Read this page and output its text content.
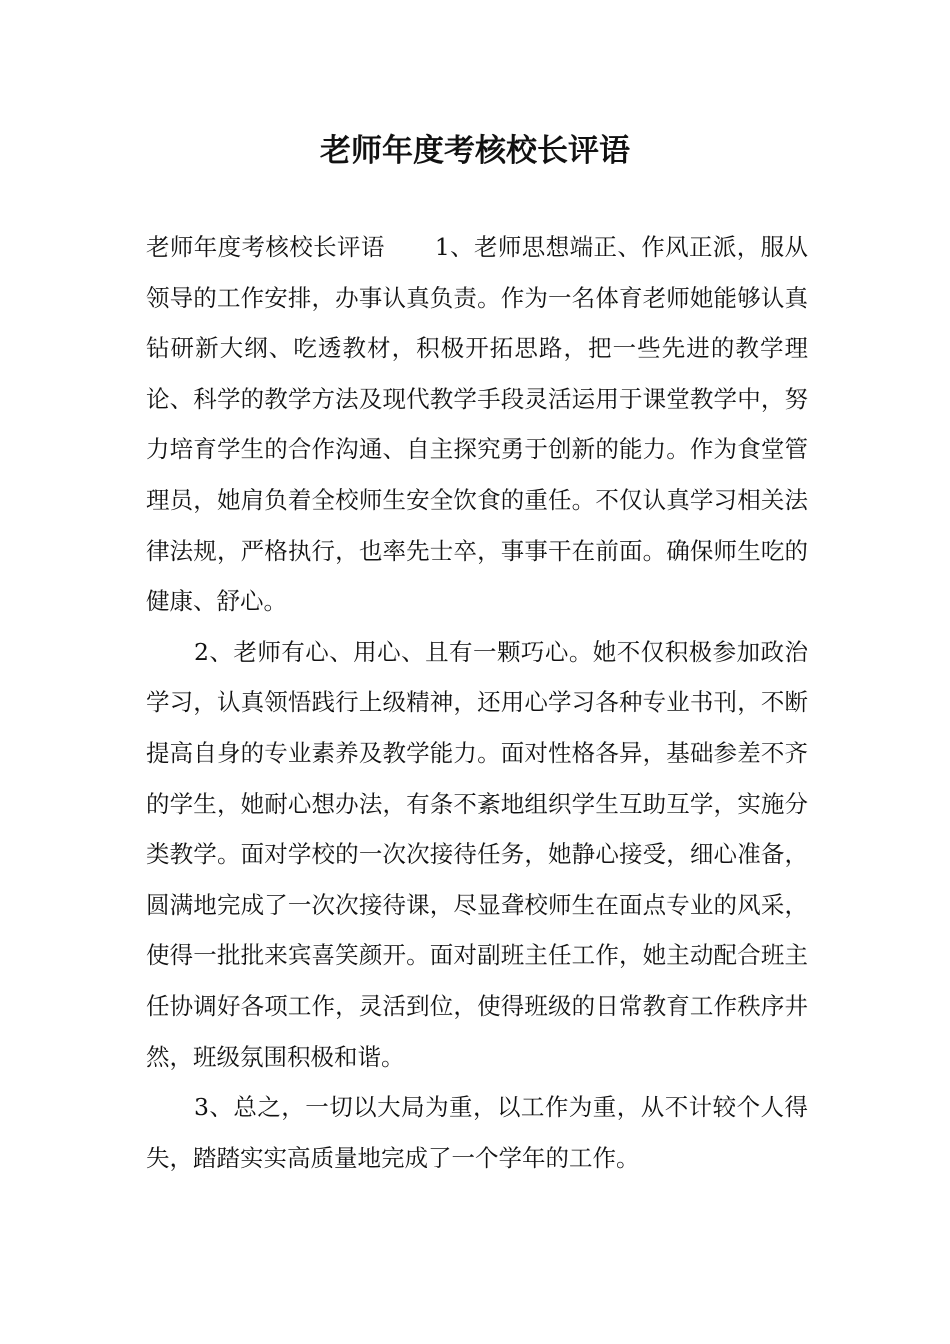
老师年度考核校长评语

老师年度考核校长评语 1、老师思想端正、作风正派，服从领导的工作安排，办事认真负责。作为一名体育老师她能够认真钻研新大纲、吃透教材，积极开拓思路，把一些先进的教学理论、科学的教学方法及现代教学手段灵活运用于课堂教学中，努力培育学生的合作沟通、自主探究勇于创新的能力。作为食堂管理员，她肩负着全校师生安全饮食的重任。不仅认真学习相关法律法规，严格执行，也率先士卒，事事干在前面。确保师生吃的健康、舒心。

2、老师有心、用心、且有一颗巧心。她不仅积极参加政治学习，认真领悟践行上级精神，还用心学习各种专业书刊，不断提高自身的专业素养及教学能力。面对性格各异，基础参差不齐的学生，她耐心想办法，有条不紊地组织学生互助互学，实施分类教学。面对学校的一次次接待任务，她静心接受，细心准备，圆满地完成了一次次接待课，尽显聋校师生在面点专业的风采，使得一批批来宾喜笑颜开。面对副班主任工作，她主动配合班主任协调好各项工作，灵活到位，使得班级的日常教育工作秩序井然，班级氛围积极和谐。

3、总之，一切以大局为重，以工作为重，从不计较个人得失，踏踏实实高质量地完成了一个学年的工作。
